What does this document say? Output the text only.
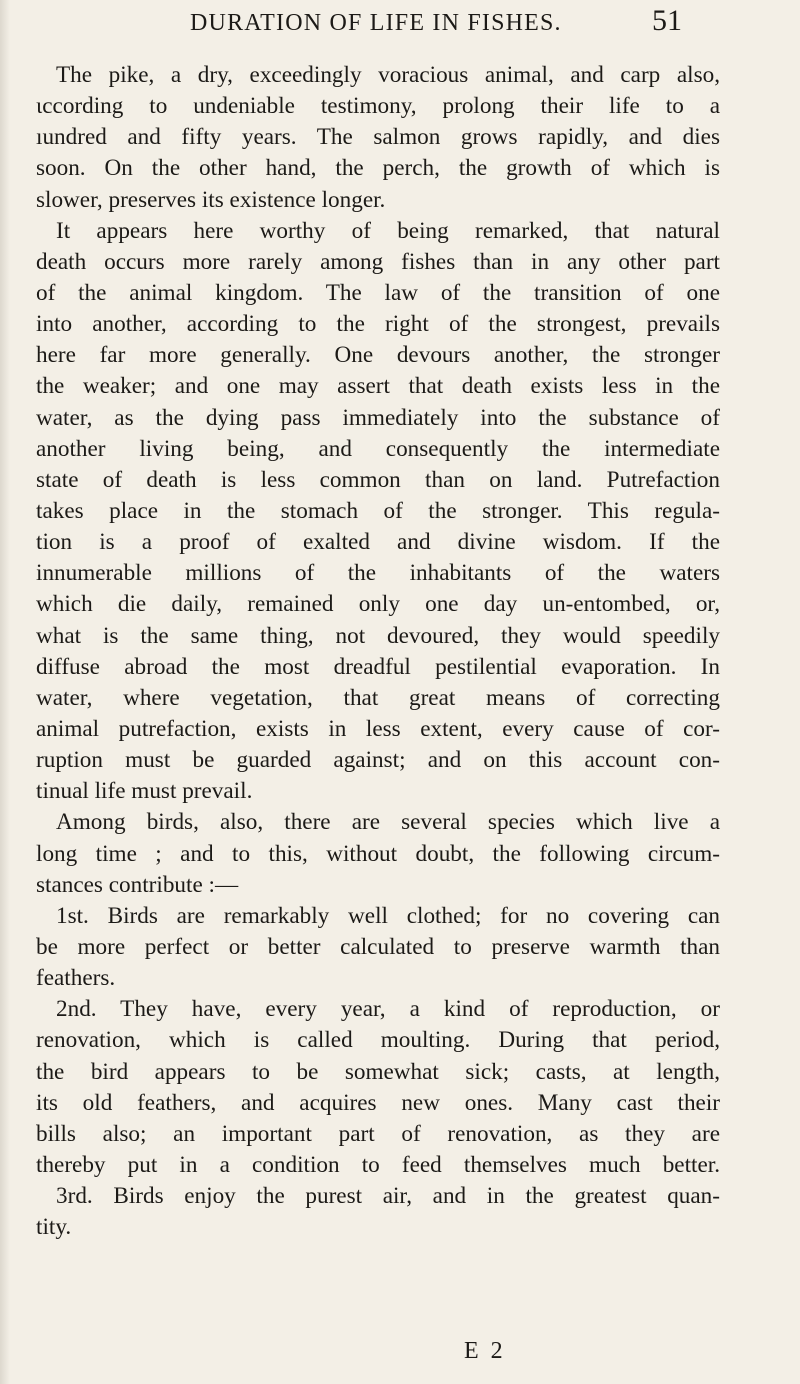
DURATION OF LIFE IN FISHES.	51
The pike, a dry, exceedingly voracious animal, and carp also,
ιccording to undeniable testimony, prolong their life to a
ıundred and fifty years. The salmon grows rapidly, and dies
soon. On the other hand, the perch, the growth of which is
slower, preserves its existence longer.
It appears here worthy of being remarked, that natural
death occurs more rarely among fishes than in any other part
of the animal kingdom. The law of the transition of one
into another, according to the right of the strongest, prevails
here far more generally. One devours another, the stronger
the weaker; and one may assert that death exists less in the
water, as the dying pass immediately into the substance of
another living being, and consequently the intermediate
state of death is less common than on land. Putrefaction
takes place in the stomach of the stronger. This regula-
tion is a proof of exalted and divine wisdom. If the
innumerable millions of the inhabitants of the waters
which die daily, remained only one day un-entombed, or,
what is the same thing, not devoured, they would speedily
diffuse abroad the most dreadful pestilential evaporation. In
water, where vegetation, that great means of correcting
animal putrefaction, exists in less extent, every cause of cor-
ruption must be guarded against; and on this account con-
tinual life must prevail.
Among birds, also, there are several species which live a
long time ; and to this, without doubt, the following circum-
stances contribute :—
1st. Birds are remarkably well clothed; for no covering can
be more perfect or better calculated to preserve warmth than
feathers.
2nd. They have, every year, a kind of reproduction, or
renovation, which is called moulting. During that period,
the bird appears to be somewhat sick; casts, at length,
its old feathers, and acquires new ones. Many cast their
bills also; an important part of renovation, as they are
thereby put in a condition to feed themselves much better.
3rd. Birds enjoy the purest air, and in the greatest quan-
tity.
E 2
